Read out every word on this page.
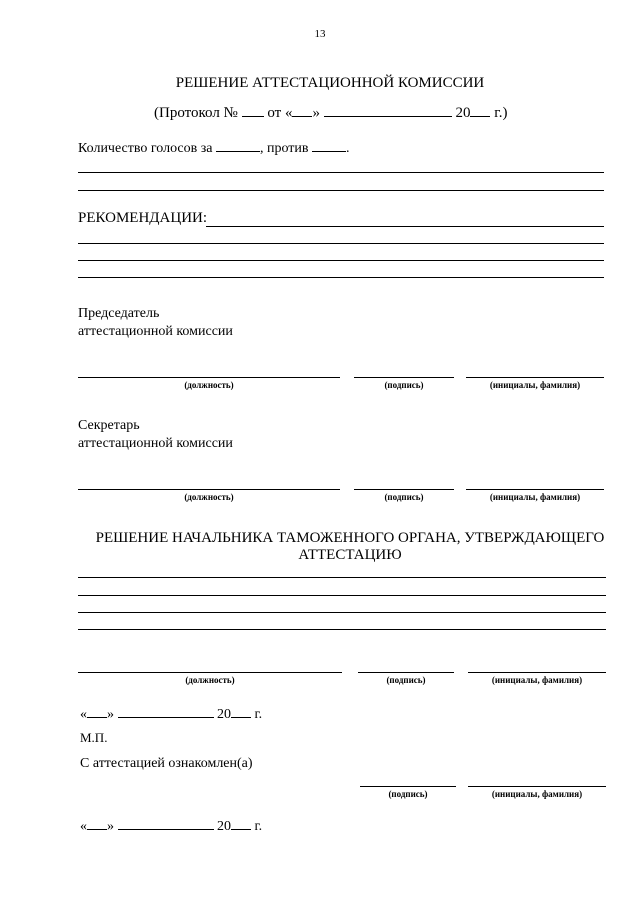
13
РЕШЕНИЕ АТТЕСТАЦИОННОЙ КОМИССИИ
(Протокол № от « »	20 г.)
Количество голосов за	, против	.
РЕКОМЕНДАЦИИ:
Председатель
аттестационной комиссии
(должность)	(подпись)	(инициалы, фамилия)
Секретарь
аттестационной комиссии
(должность)	(подпись)	(инициалы, фамилия)
РЕШЕНИЕ НАЧАЛЬНИКА ТАМОЖЕННОГО ОРГАНА, УТВЕРЖДАЮЩЕГО АТТЕСТАЦИЮ
(должность)	(подпись)	(инициалы, фамилия)
« »	20 г.
М.П.
С аттестацией ознакомлен(а)
(подпись)	(инициалы, фамилия)
« »	20 г.
